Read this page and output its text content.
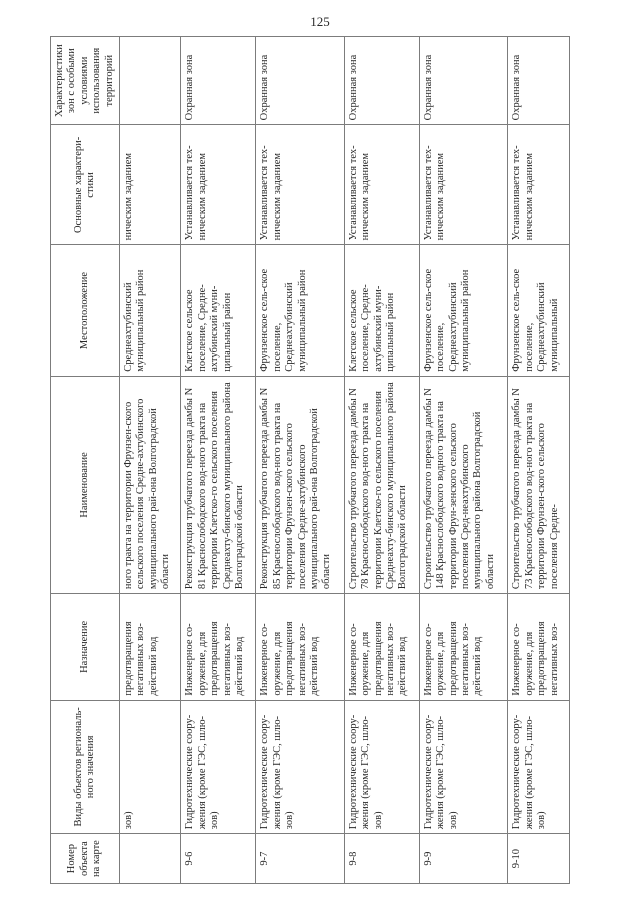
125
Номер объекта на карте	Виды объектов региональ-ного значения	Назначение	Наименование	Местоположение	Основные характери-стики	Характеристики зон с особыми условиями использования территорий
	зов)	предотвращения негативных воз-действий вод	ного тракта на территории Фрунзен-ского сельского поселения Средне-ахтубинского муниципального рай-она Волгоградской области	Среднеахтубинский муниципальный район	ническим заданием	
9-6	Гидротехнические соору-жения (кроме ГЭС, шлю-зов)	Инженерное со-оружение, для предотвращения негативных воз-действий вод	Реконструкция трубчатого переезда дамбы N 81 Краснослободского вод-ного тракта на территории Клетско-го сельского поселения Среднеахту-бинского муниципального района Волгоградской области	Клетское сельское поселение, Средне-ахтубинский муни-ципальный район	Устанавливается тех-ническим заданием	Охранная зона
9-7	Гидротехнические соору-жения (кроме ГЭС, шлю-зов)	Инженерное со-оружение, для предотвращения негативных воз-действий вод	Реконструкция трубчатого переезда дамбы N 85 Краснослободского вод-ного тракта на территории Фрунзен-ского сельского поселения Средне-ахтубинского муниципального рай-она Волгоградской области	Фрунзенское сель-ское поселение, Среднеахтубинский муниципальный район	Устанавливается тех-ническим заданием	Охранная зона
9-8	Гидротехнические соору-жения (кроме ГЭС, шлю-зов)	Инженерное со-оружение, для предотвращения негативных воз-действий вод	Строительство трубчатого переезда дамбы N 78 Краснослободского вод-ного тракта на территории Клетско-го сельского поселения Среднеахту-бинского муниципального района Волгоградской области	Клетское сельское поселение, Средне-ахтубинский муни-ципальный район	Устанавливается тех-ническим заданием	Охранная зона
9-9	Гидротехнические соору-жения (кроме ГЭС, шлю-зов)	Инженерное со-оружение, для предотвращения негативных воз-действий вод	Строительство трубчатого переезда дамбы N 148 Краснослободского водного тракта на территории Фрун-зенского сельского поселения Сред-неахтубинского муниципального района Волгоградской области	Фрунзенское сель-ское поселение, Среднеахтубинский муниципальный район	Устанавливается тех-ническим заданием	Охранная зона
9-10	Гидротехнические соору-жения (кроме ГЭС, шлю-зов)	Инженерное со-оружение, для предотвращения негативных воз-	Строительство трубчатого переезда дамбы N 73 Краснослободского вод-ного тракта на территории Фрунзен-ского сельского поселения Средне-	Фрунзенское сель-ское поселение, Среднеахтубинский муниципальный	Устанавливается тех-ническим заданием	Охранная зона
